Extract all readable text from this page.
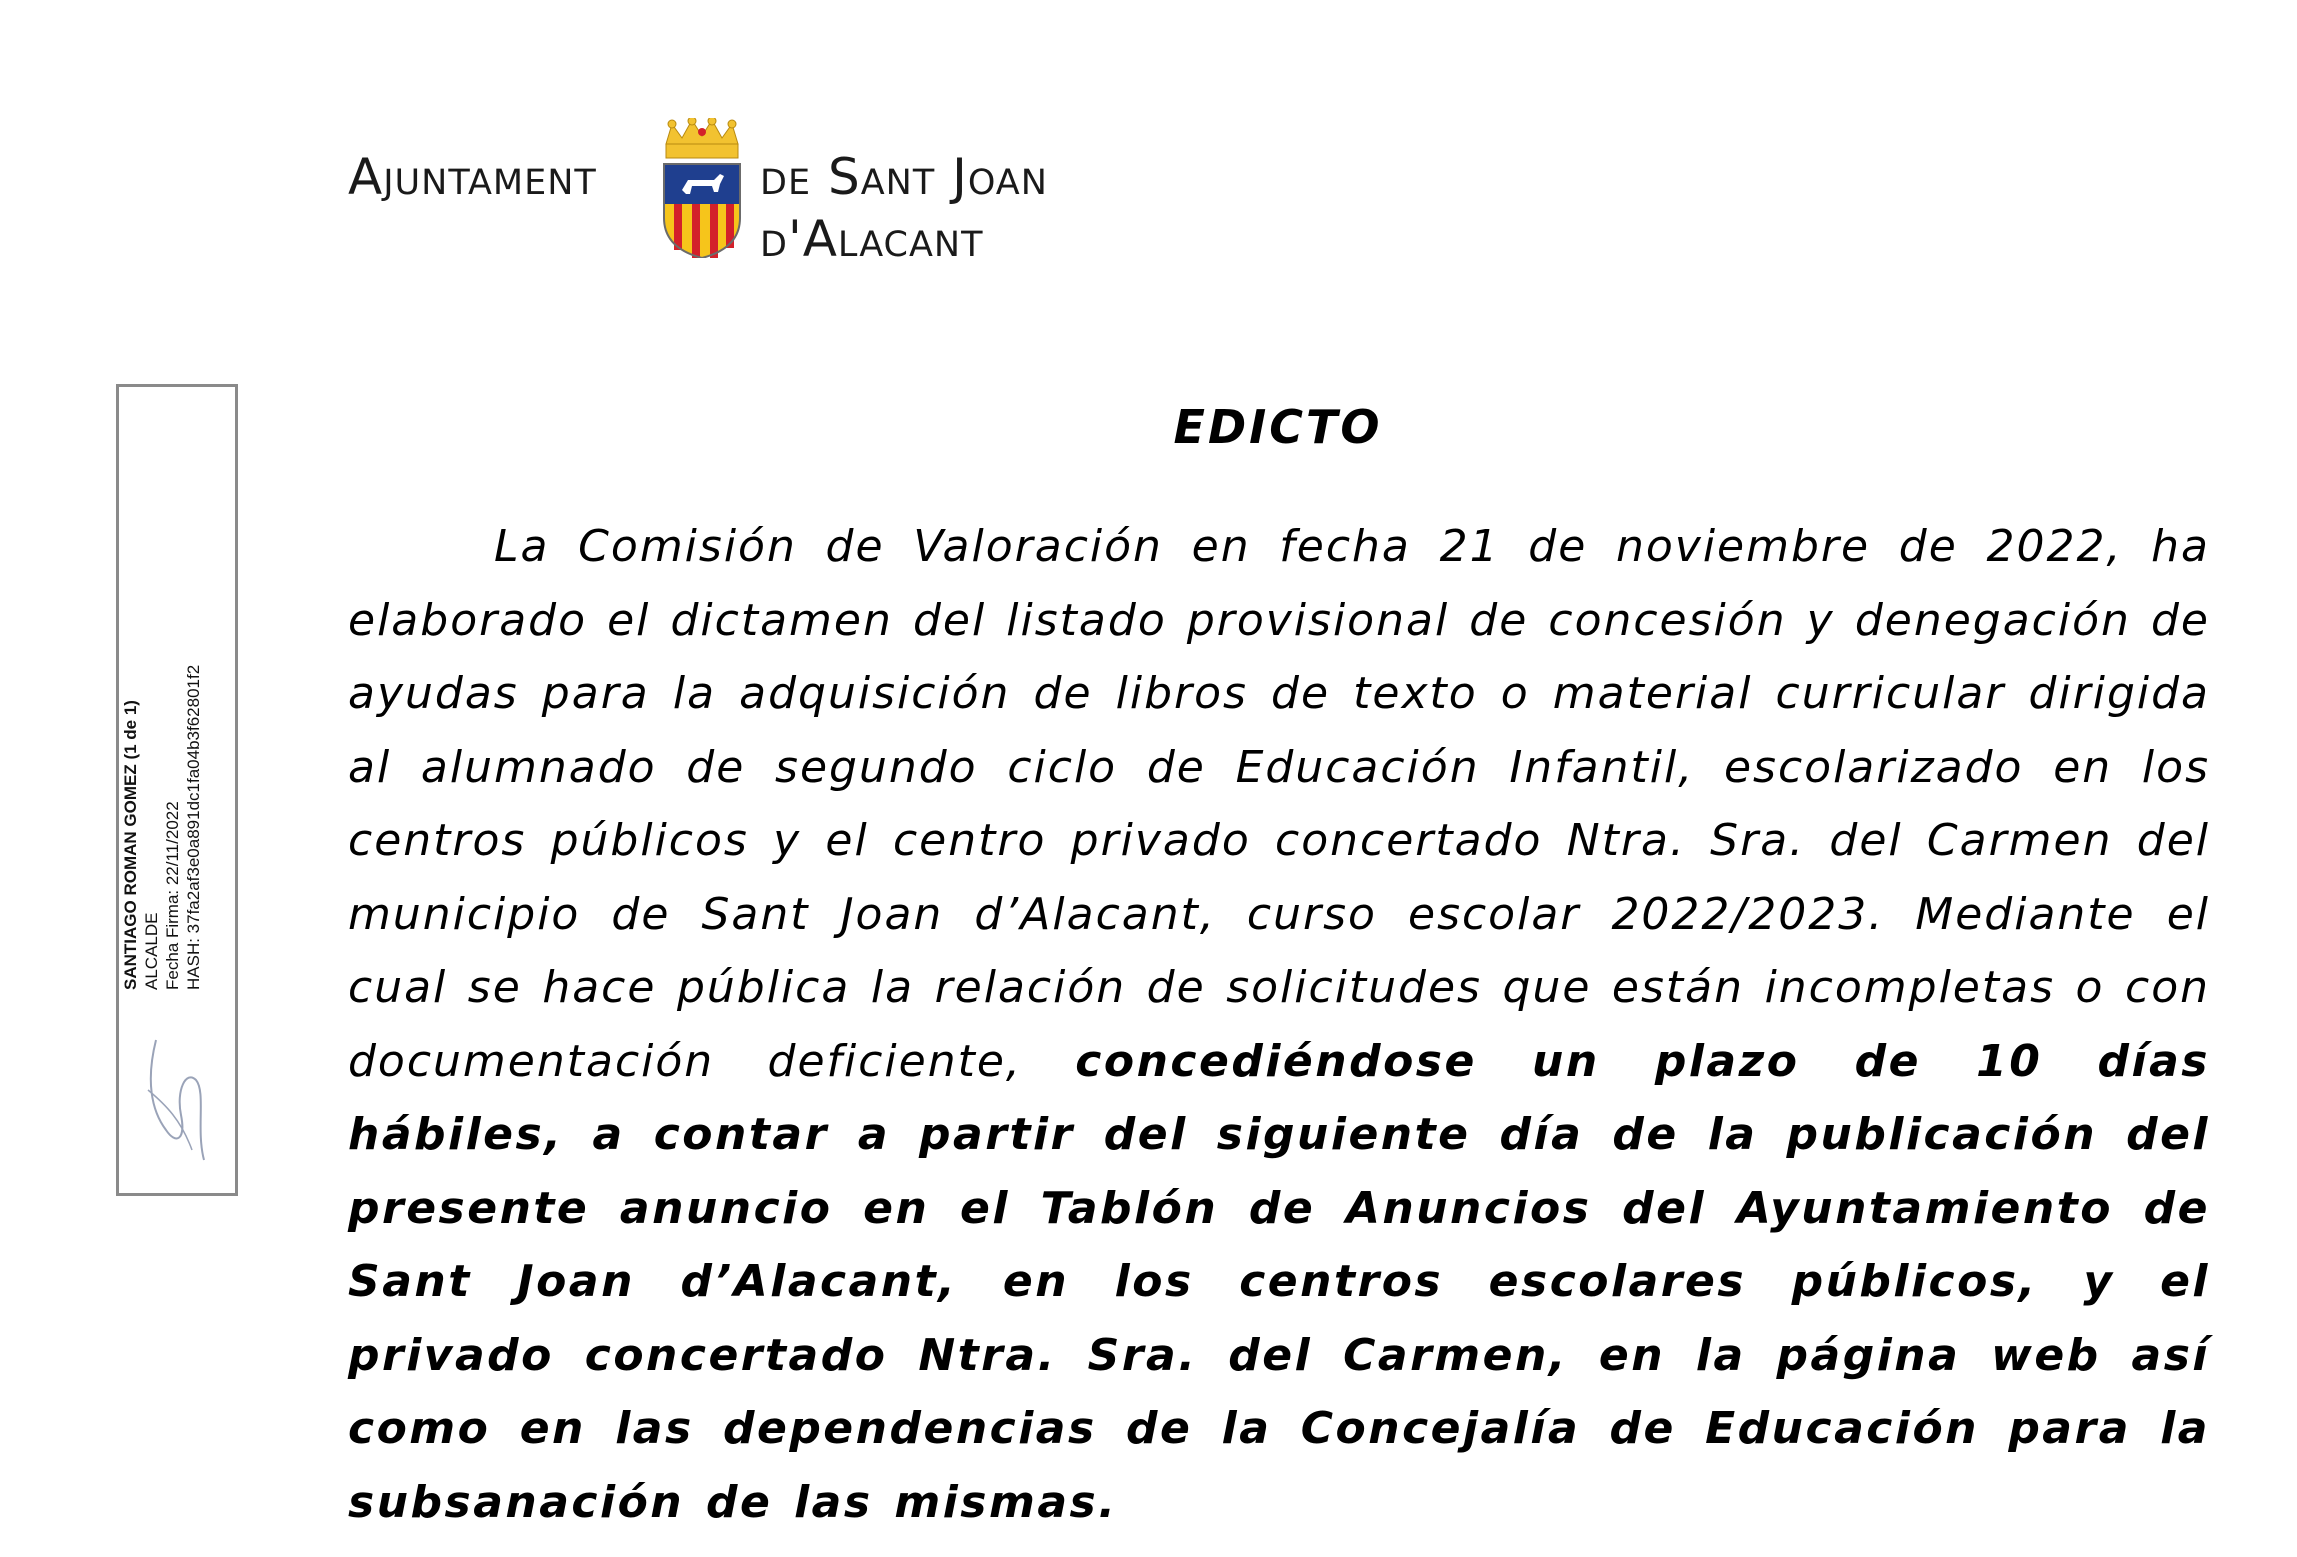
Ajuntament	de Sant Joan
d'Alacant
SANTIAGO ROMAN GOMEZ (1 de 1) ALCALDE Fecha Firma: 22/11/2022 HASH: 37fa2af3e0a891dc1fa04b3f62801f2
EDICTO
La Comisión de Valoración en fecha 21 de noviembre de 2022, ha elaborado el dictamen del listado provisional de concesión y denegación de ayudas para la adquisición de libros de texto o material curricular dirigida al alumnado de segundo ciclo de Educación Infantil, escolarizado en los centros públicos y el centro privado concertado Ntra. Sra. del Carmen del municipio de Sant Joan d’Alacant, curso escolar 2022/2023. Mediante el cual se hace pública la relación de solicitudes que están incompletas o con documentación deficiente, concediéndose un plazo de 10 días hábiles, a contar a partir del siguiente día de la publicación del presente anuncio en el Tablón de Anuncios del Ayuntamiento de Sant Joan d’Alacant, en los centros escolares públicos, y el privado concertado Ntra. Sra. del Carmen, en la página web así como en las dependencias de la Concejalía de Educación para la subsanación de las mismas.
